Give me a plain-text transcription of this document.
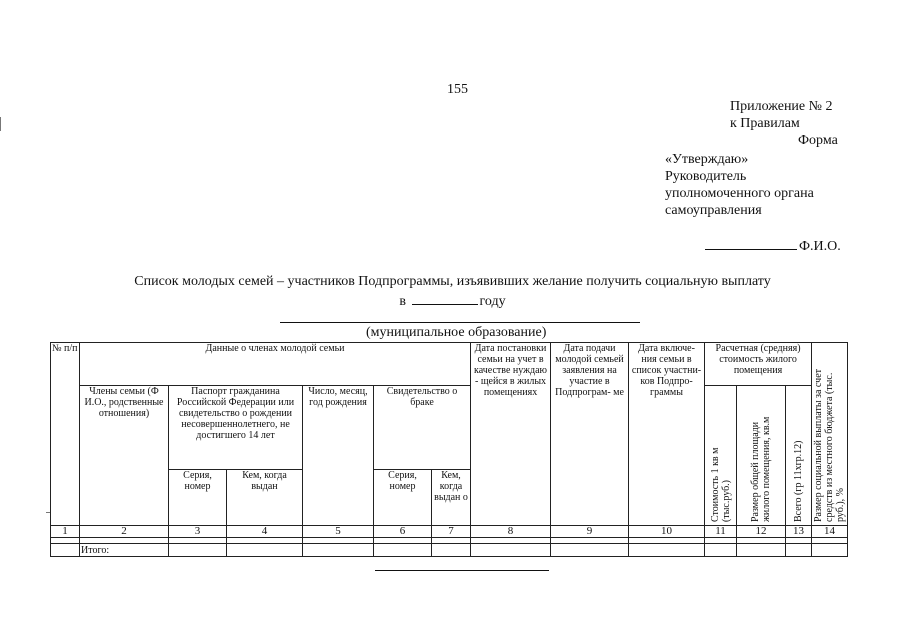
155
Приложение № 2
к Правилам
Форма
«Утверждаю»
Руководитель
уполномоченного органа
самоуправления
Ф.И.О.
Список молодых семей – участников Подпрограммы, изъявивших желание получить социальную выплату
в	году
(муниципальное образование)
№ п/п	Данные о членах молодой семьи						Дата постановки семьи на учет в качестве нуждаю - щейся в жилых помещениях	Дата подачи молодой семьей заявления на участие в Подпрограм- ме	Дата включе- ния семьи в список участни- ков Подпро- граммы	Расчетная (средняя) стоимость жилого помещения			Размер социальной выплаты за счет средств из местного бюджета (тыс. руб.), %
	Члены семьи (Ф И.О., родственные отношения)	Паспорт гражданина Российской Федерации или свидетельство о рождении несовершеннолетнего, не достигшего 14 лет		Число, месяц, год рождения	Свидетельство о браке					Стоимость 1 кв м (тыс.руб.)	Размер общей площади жилого помещения, кв.м	Всего (гр 11хгр.12)	
		Серия, номер	Кем, когда выдан		Серия, номер	Кем, когда выдан о							
1	2	3	4	5	6	7	8	9	10	11	12	13	14

	Итого:												
